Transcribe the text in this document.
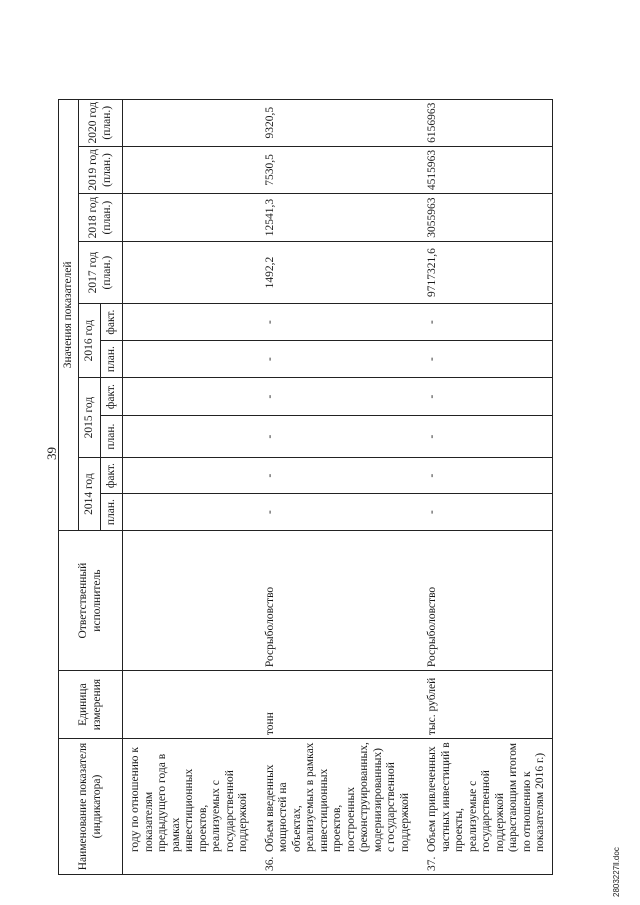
39
Наименование показателя (индикатора)	Единица измерения	Ответственный исполнитель	Значения показателей									
			2014 год		2015 год		2016 год		2017 год (план.)	2018 год (план.)	2019 год (план.)	2020 год (план.)
			план.	факт.	план.	факт.	план.	факт.				
году по отношению к показателям предыдущего года в рамках инвестиционных проектов, реализуемых с государственной поддержкой												

36.
Объем введенных мощностей на объектах, реализуемых в рамках инвестиционных проектов, построенных (реконструированных, модернизированных) с государственной поддержкой	тонн	Росрыболовство	-	-	-	-	-	-	1492,2	12541,3	7530,5	9320,5

37.
Объем привлеченных частных инвестиций в проекты, реализуемые с государственной поддержкой (нарастающим итогом по отношению к показателям 2016 г.)	тыс. рублей	Росрыболовство	-	-	-	-	-	-	9717321,6	3055963	4515963	6156963
2803227ll.doc
